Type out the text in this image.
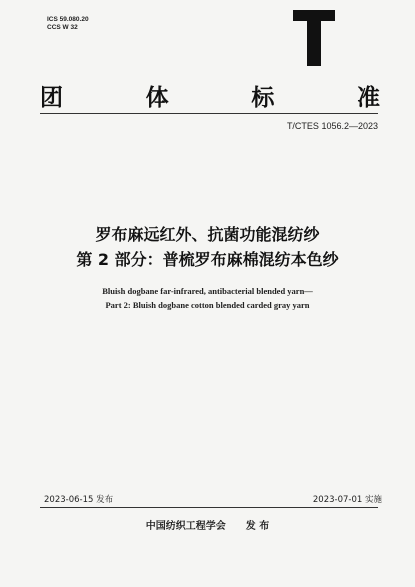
ICS 59.080.20
CCS W 32
团	体	标	准
T/CTES 1056.2—2023
罗布麻远红外、抗菌功能混纺纱
第 2 部分：普梳罗布麻棉混纺本色纱
Bluish dogbane far-infrared, antibacterial blended yarn—
Part 2: Bluish dogbane cotton blended carded gray yarn
2023-06-15 发布	2023-07-01 实施
中国纺织工程学会　　发 布
